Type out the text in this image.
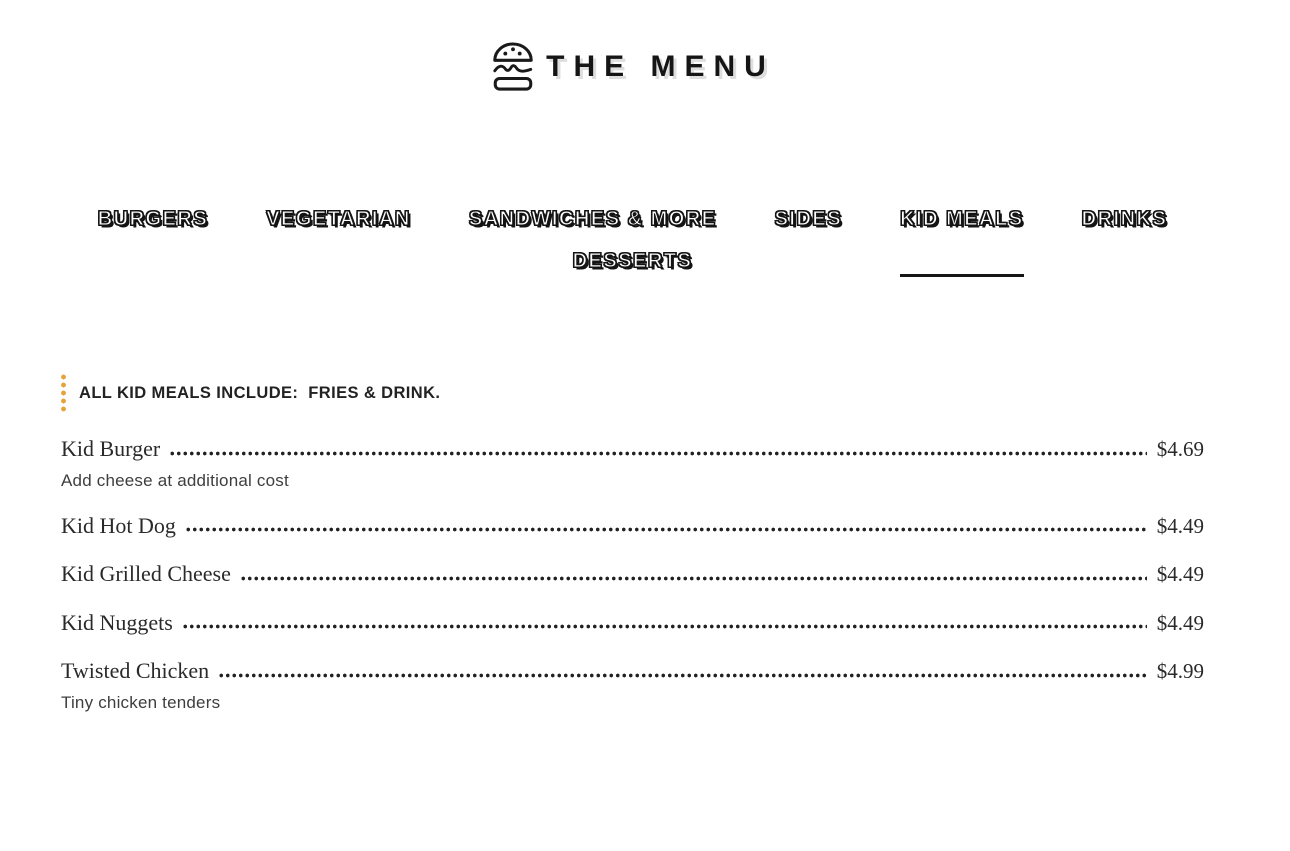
THE MENU
BURGERS	VEGETARIAN	SANDWICHES & MORE	SIDES	KID MEALS	DRINKS
DESSERTS
ALL KID MEALS INCLUDE:  FRIES & DRINK.
Kid Burger	$4.69
Add cheese at additional cost
Kid Hot Dog	$4.49
Kid Grilled Cheese	$4.49
Kid Nuggets	$4.49
Twisted Chicken	$4.99
Tiny chicken tenders
